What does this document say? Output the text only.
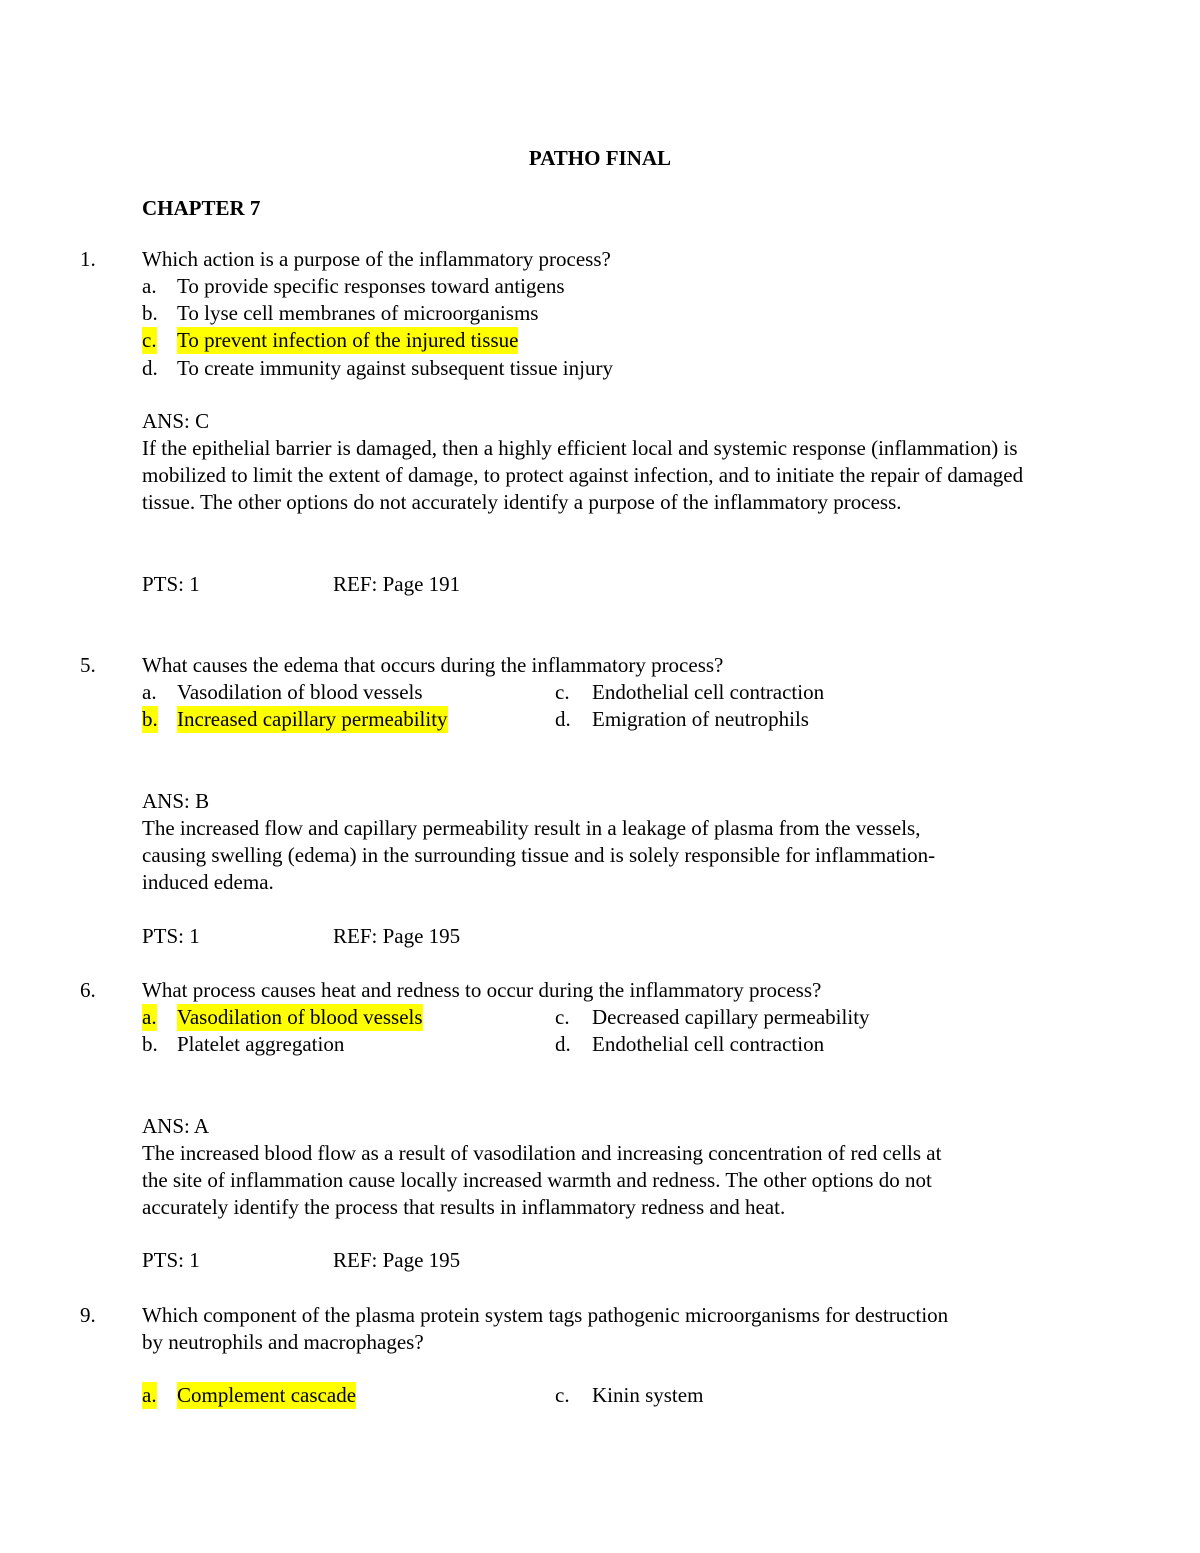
PATHO FINAL
CHAPTER 7
1. Which action is a purpose of the inflammatory process?
a. To provide specific responses toward antigens
b. To lyse cell membranes of microorganisms
c. To prevent infection of the injured tissue
d. To create immunity against subsequent tissue injury
ANS: C
If the epithelial barrier is damaged, then a highly efficient local and systemic response (inflammation) is mobilized to limit the extent of damage, to protect against infection, and to initiate the repair of damaged tissue. The other options do not accurately identify a purpose of the inflammatory process.
PTS: 1	REF: Page 191
5. What causes the edema that occurs during the inflammatory process?
a. Vasodilation of blood vessels	c. Endothelial cell contraction
b. Increased capillary permeability	d. Emigration of neutrophils
ANS: B
The increased flow and capillary permeability result in a leakage of plasma from the vessels,
causing swelling (edema) in the surrounding tissue and is solely responsible for inflammation-
induced edema.
PTS: 1	REF: Page 195
6. What process causes heat and redness to occur during the inflammatory process?
a. Vasodilation of blood vessels	c. Decreased capillary permeability
b. Platelet aggregation	d. Endothelial cell contraction
ANS: A
The increased blood flow as a result of vasodilation and increasing concentration of red cells at
the site of inflammation cause locally increased warmth and redness. The other options do not
accurately identify the process that results in inflammatory redness and heat.
PTS: 1	REF: Page 195
9. Which component of the plasma protein system tags pathogenic microorganisms for destruction
by neutrophils and macrophages?
a. Complement cascade	c. Kinin system
